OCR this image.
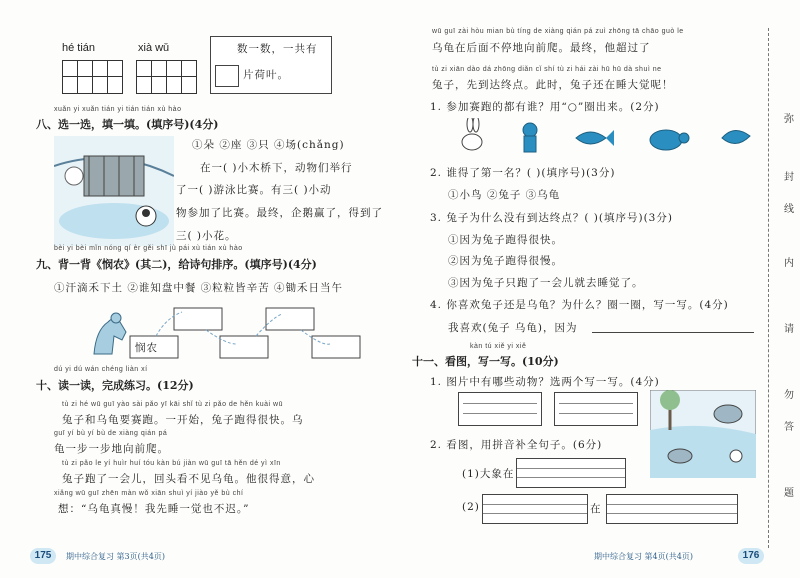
hé tián	xià wǔ	数一数，一共有
片荷叶。
xuǎn yi xuǎn tián yi tián tián xù hào
八、选一选，填一填。(填序号)(4分)
①朵 ②座 ③只 ④场(chǎng)
在一( )小木桥下，动物们举行
了一( )游泳比赛。有三( )小动
物参加了比赛。最终，企鹅赢了，得到了
三( )小花。
bèi yi bèi mǐn nóng qí èr gěi shī jù pái xù tián xù hào
九、背一背《悯农》(其二)，给诗句排序。(填序号)(4分)
①汗滴禾下土 ②谁知盘中餐 ③粒粒皆辛苦 ④锄禾日当午
悯农
dú yi dú wán chéng liàn xí
十、读一读，完成练习。(12分)
tù zi hé wū guī yào sài pǎo yī kāi shǐ tù zi pǎo de hěn kuài wū
兔子和乌龟要赛跑。一开始，兔子跑得很快。乌
guī yí bù yí bù de xiàng qián pá
龟一步一步地向前爬。
tù zi pǎo le yí huìr huí tóu kàn bú jiàn wū guī tā hěn dé yì xīn
兔子跑了一会儿，回头看不见乌龟。他很得意，心
xiǎng wū guī zhēn màn wǒ xiān shuì yí jiào yě bù chí
想：“乌龟真慢！我先睡一觉也不迟。”
175	期中综合复习 第3页(共4页)
wū guī zài hòu mian bù tíng de xiàng qián pá zuì zhōng tā chāo guò le
乌龟在后面不停地向前爬。最终，他超过了
tù zi xiān dào dá zhōng diǎn cǐ shí tù zi hái zài hū hū dà shuì ne
兔子，先到达终点。此时，兔子还在睡大觉呢！
1. 参加赛跑的都有谁？用“○”圈出来。(2分)
2. 谁得了第一名？( )(填序号)(3分)
①小鸟 ②兔子 ③乌龟
3. 兔子为什么没有到达终点？( )(填序号)(3分)
①因为兔子跑得很快。
②因为兔子跑得很慢。
③因为兔子只跑了一会儿就去睡觉了。
4. 你喜欢兔子还是乌龟？为什么？圈一圈，写一写。(4分)
我喜欢(兔子 乌龟)，因为
kàn tú xiě yi xiě
十一、看图，写一写。(10分)
1. 图片中有哪些动物？选两个写一写。(4分)
2. 看图，用拼音补全句子。(6分)
(1)大象在
(2)	在
弥
封
线
内
请
勿
答
题
期中综合复习 第4页(共4页)	176
